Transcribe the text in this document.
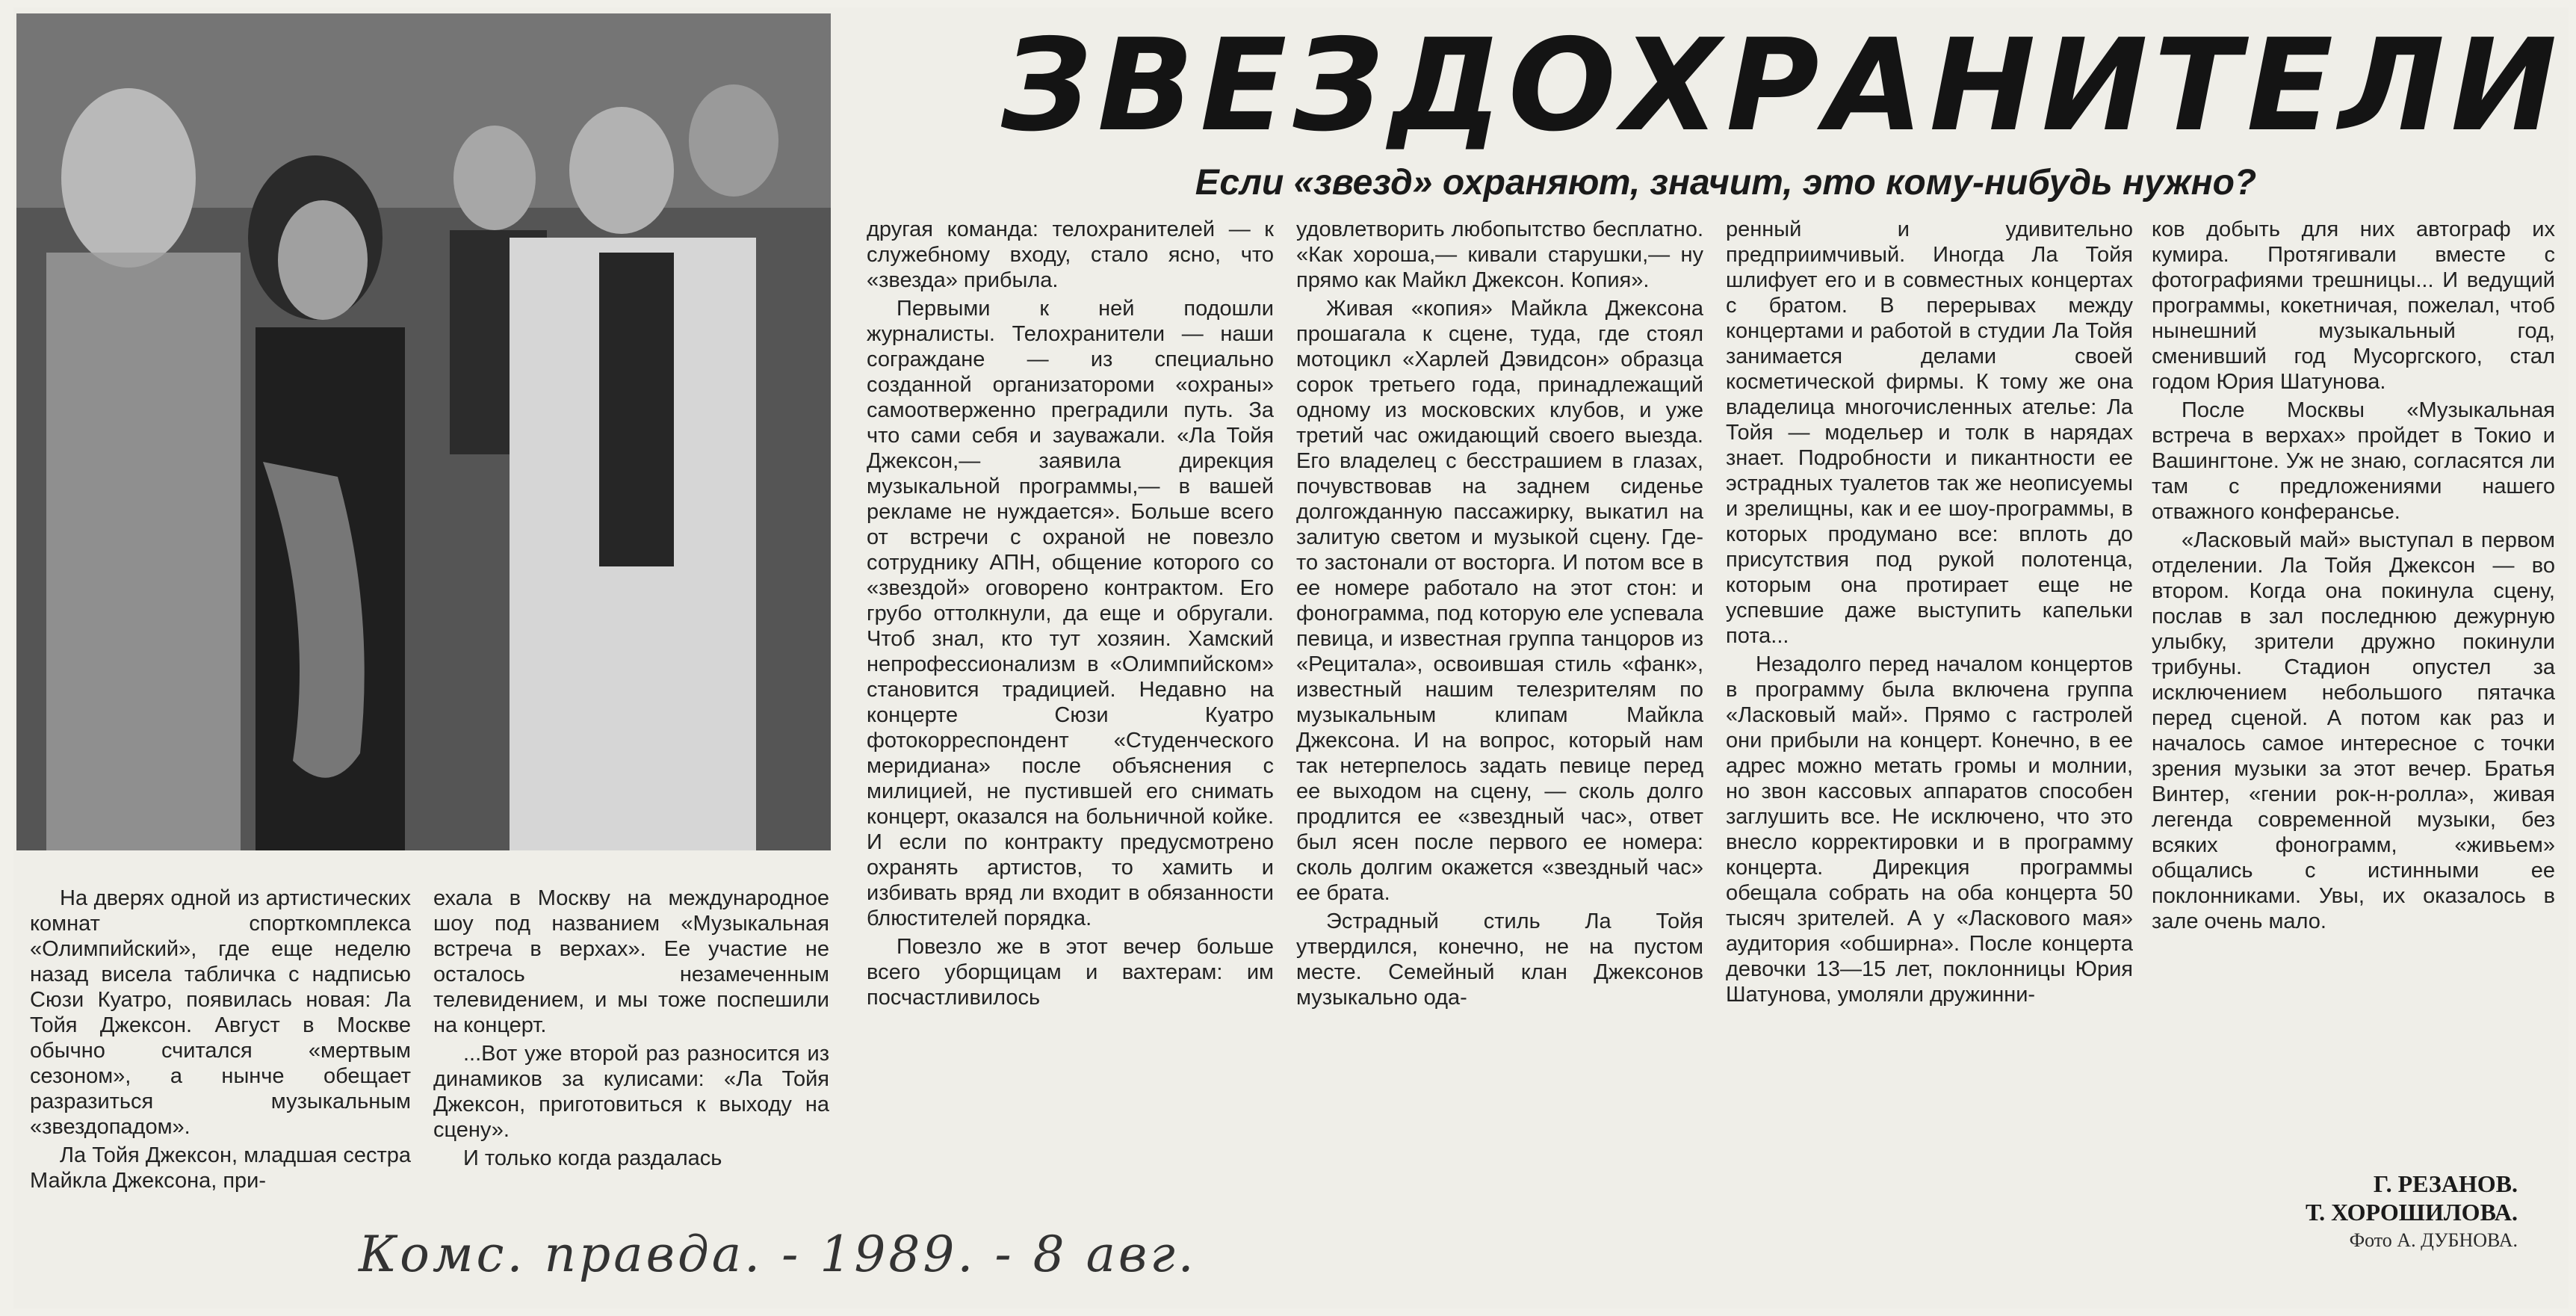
ЗВЕЗДОХРАНИТЕЛИ
Если «звезд» охраняют, значит, это кому-нибудь нужно?

На дверях одной из артистических комнат спорткомплекса «Олимпийский», где еще неделю назад висела табличка с надписью Сюзи Куатро, появилась новая: Ла Тойя Джексон. Август в Москве обычно считался «мертвым сезоном», а нынче обещает разразиться музыкальным «звездопадом».

Ла Тойя Джексон, младшая сестра Майкла Джексона, при-

ехала в Москву на международное шоу под названием «Музыкальная встреча в верхах». Ее участие не осталось незамеченным телевидением, и мы тоже поспешили на концерт.

...Вот уже второй раз разносится из динамиков за кулисами: «Ла Тойя Джексон, приготовиться к выходу на сцену».

И только когда раздалась

другая команда: телохранителей — к служебному входу, стало ясно, что «звезда» прибыла.

Первыми к ней подошли журналисты. Телохранители — наши сограждане — из специально созданной организатороми «охраны» самоотверженно преградили путь. За что сами себя и зауважали. «Ла Тойя Джексон,— заявила дирекция музыкальной программы,— в вашей рекламе не нуждается». Больше всего от встречи с охраной не повезло сотруднику АПН, общение которого со «звездой» оговорено контрактом. Его грубо оттолкнули, да еще и обругали. Чтоб знал, кто тут хозяин. Хамский непрофессионализм в «Олимпийском» становится традицией. Недавно на концерте Сюзи Куатро фотокорреспондент «Студенческого меридиана» после объяснения с милицией, не пустившей его снимать концерт, оказался на больничной койке. И если по контракту предусмотрено охранять артистов, то хамить и избивать вряд ли входит в обязанности блюстителей порядка.

Повезло же в этот вечер больше всего уборщицам и вахтерам: им посчастливилось

удовлетворить любопытство бесплатно. «Как хороша,— кивали старушки,— ну прямо как Майкл Джексон. Копия».

Живая «копия» Майкла Джексона прошагала к сцене, туда, где стоял мотоцикл «Харлей Дэвидсон» образца сорок третьего года, принадлежащий одному из московских клубов, и уже третий час ожидающий своего выезда. Его владелец с бесстрашием в глазах, почувствовав на заднем сиденье долгожданную пассажирку, выкатил на залитую светом и музыкой сцену. Где-то застонали от восторга. И потом все в ее номере работало на этот стон: и фонограмма, под которую еле успевала певица, и известная группа танцоров из «Рецитала», освоившая стиль «фанк», известный нашим телезрителям по музыкальным клипам Майкла Джексона. И на вопрос, который нам так нетерпелось задать певице перед ее выходом на сцену, — сколь долго продлится ее «звездный час», ответ был ясен после первого ее номера: сколь долгим окажется «звездный час» ее брата.

Эстрадный стиль Ла Тойя утвердился, конечно, не на пустом месте. Семейный клан Джексонов музыкально ода-

ренный и удивительно предприимчивый. Иногда Ла Тойя шлифует его и в совместных концертах с братом. В перерывах между концертами и работой в студии Ла Тойя занимается делами своей косметической фирмы. К тому же она владелица многочисленных ателье: Ла Тойя — модельер и толк в нарядах знает. Подробности и пикантности ее эстрадных туалетов так же неописуемы и зрелищны, как и ее шоу-программы, в которых продумано все: вплоть до присутствия под рукой полотенца, которым она протирает еще не успевшие даже выступить капельки пота...

Незадолго перед началом концертов в программу была включена группа «Ласковый май». Прямо с гастролей они прибыли на концерт. Конечно, в ее адрес можно метать громы и молнии, но звон кассовых аппаратов способен заглушить все. Не исключено, что это внесло корректировки и в программу концерта. Дирекция программы обещала собрать на оба концерта 50 тысяч зрителей. А у «Ласкового мая» аудитория «обширна». После концерта девочки 13—15 лет, поклонницы Юрия Шатунова, умоляли дружинни-

ков добыть для них автограф их кумира. Протягивали вместе с фотографиями трешницы... И ведущий программы, кокетничая, пожелал, чтоб нынешний музыкальный год, сменивший год Мусоргского, стал годом Юрия Шатунова.

После Москвы «Музыкальная встреча в верхах» пройдет в Токио и Вашингтоне. Уж не знаю, согласятся ли там с предложениями нашего отважного конферансье.

«Ласковый май» выступал в первом отделении. Ла Тойя Джексон — во втором. Когда она покинула сцену, послав в зал последнюю дежурную улыбку, зрители дружно покинули трибуны. Стадион опустел за исключением небольшого пятачка перед сценой. А потом как раз и началось самое интересное с точки зрения музыки за этот вечер. Братья Винтер, «гении рок-н-ролла», живая легенда современной музыки, без всяких фонограмм, «живьем» общались с истинными ее поклонниками. Увы, их оказалось в зале очень мало.

Г. РЕЗАНОВ.
Т. ХОРОШИЛОВА.
Фото А. ДУБНОВА.
Комс. правда. - 1989. - 8 авг.
